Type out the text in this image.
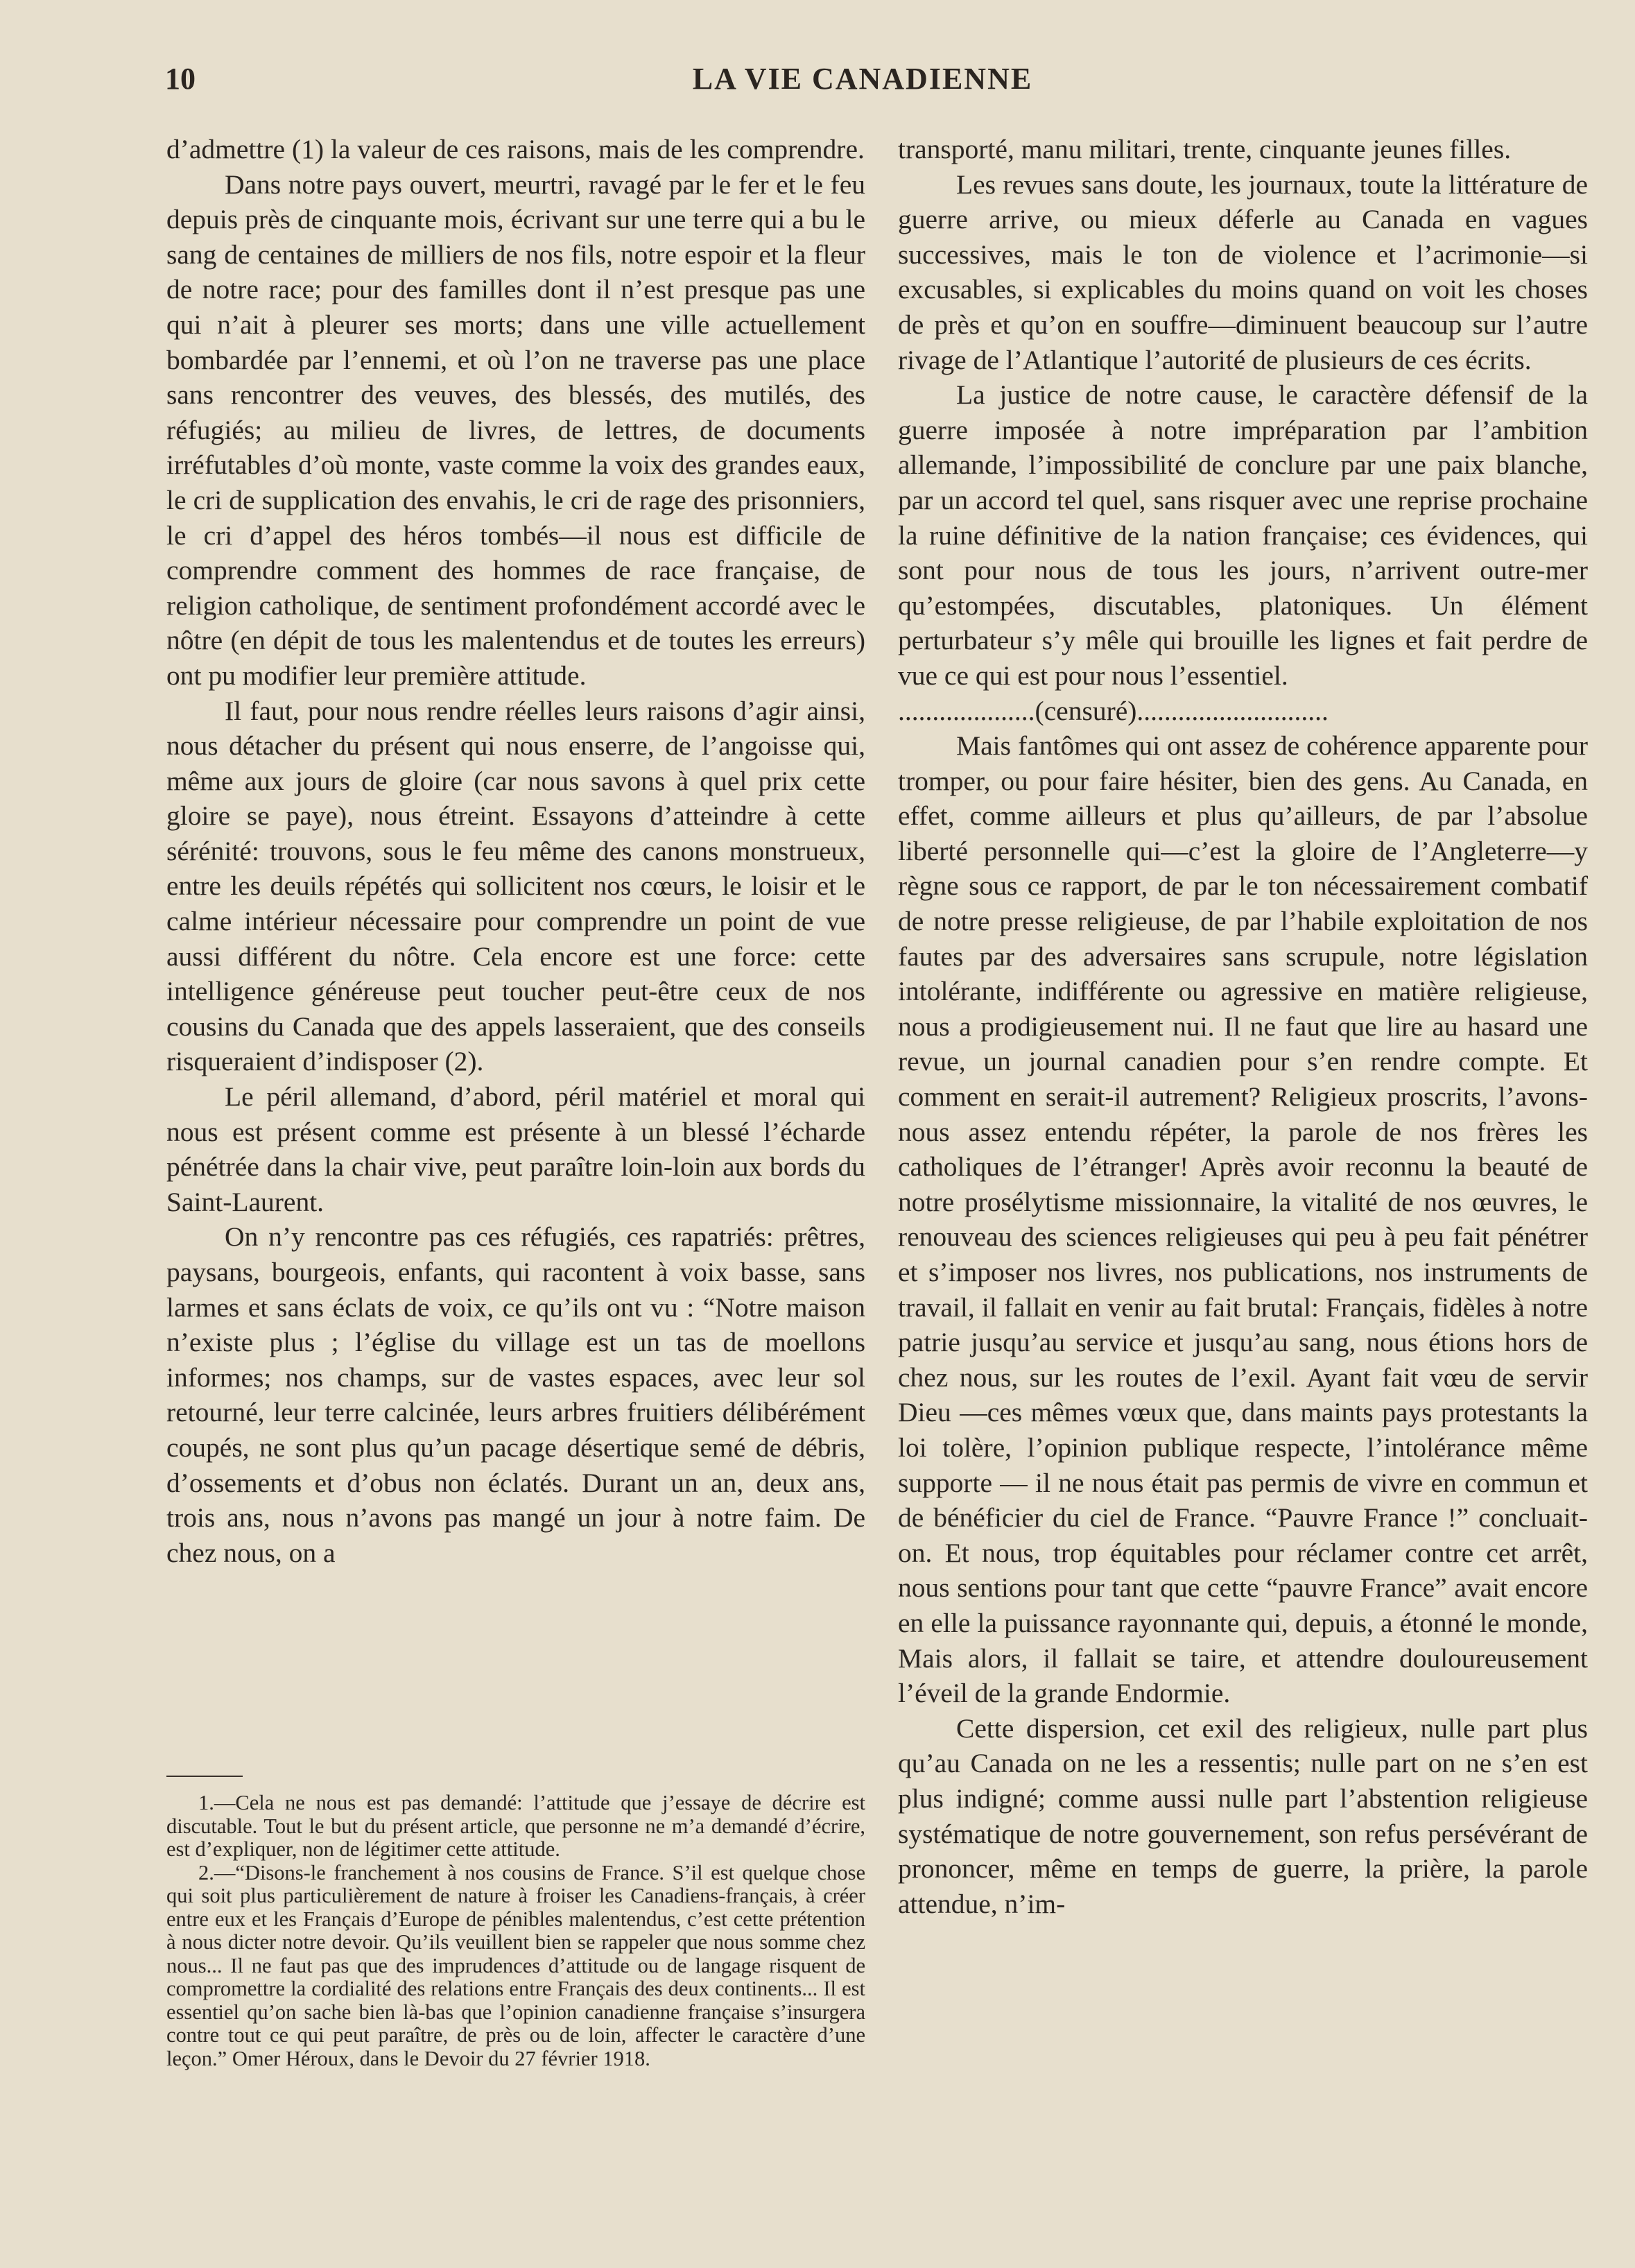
10	LA VIE CANADIENNE

d’admettre (1) la valeur de ces raisons, mais de les comprendre.

Dans notre pays ouvert, meurtri, ravagé par le fer et le feu depuis près de cinquante mois, écrivant sur une terre qui a bu le sang de centaines de milliers de nos fils, notre espoir et la fleur de notre race; pour des familles dont il n’est presque pas une qui n’ait à pleurer ses morts; dans une ville actuellement bombardée par l’ennemi, et où l’on ne traverse pas une place sans rencontrer des veuves, des blessés, des mutilés, des réfugiés; au milieu de livres, de lettres, de documents irréfutables d’où monte, vaste comme la voix des grandes eaux, le cri de supplication des envahis, le cri de rage des prisonniers, le cri d’appel des héros tombés—il nous est difficile de comprendre comment des hommes de race française, de religion catholique, de sentiment profondément accordé avec le nôtre (en dépit de tous les malentendus et de toutes les erreurs) ont pu modifier leur première attitude.

Il faut, pour nous rendre réelles leurs raisons d’agir ainsi, nous détacher du présent qui nous enserre, de l’angoisse qui, même aux jours de gloire (car nous savons à quel prix cette gloire se paye), nous étreint. Essayons d’atteindre à cette sérénité: trouvons, sous le feu même des canons monstrueux, entre les deuils répétés qui sollicitent nos cœurs, le loisir et le calme intérieur nécessaire pour comprendre un point de vue aussi différent du nôtre. Cela encore est une force: cette intelligence généreuse peut toucher peut-être ceux de nos cousins du Canada que des appels lasseraient, que des conseils risqueraient d’indisposer (2).

Le péril allemand, d’abord, péril matériel et moral qui nous est présent comme est présente à un blessé l’écharde pénétrée dans la chair vive, peut paraître loin-loin aux bords du Saint-Laurent.

On n’y rencontre pas ces réfugiés, ces rapatriés: prêtres, paysans, bourgeois, enfants, qui racontent à voix basse, sans larmes et sans éclats de voix, ce qu’ils ont vu : “Notre maison n’existe plus ; l’église du village est un tas de moellons informes; nos champs, sur de vastes espaces, avec leur sol retourné, leur terre calcinée, leurs arbres fruitiers délibérément coupés, ne sont plus qu’un pacage désertique semé de débris, d’ossements et d’obus non éclatés. Durant un an, deux ans, trois ans, nous n’avons pas mangé un jour à notre faim. De chez nous, on a

1.—Cela ne nous est pas demandé: l’attitude que j’essaye de décrire est discutable. Tout le but du présent article, que personne ne m’a demandé d’écrire, est d’expliquer, non de légitimer cette attitude.

2.—“Disons-le franchement à nos cousins de France. S’il est quelque chose qui soit plus particulièrement de nature à froiser les Canadiens-français, à créer entre eux et les Français d’Europe de pénibles malentendus, c’est cette prétention à nous dicter notre devoir. Qu’ils veuillent bien se rappeler que nous somme chez nous... Il ne faut pas que des imprudences d’attitude ou de langage risquent de compromettre la cordialité des relations entre Français des deux continents... Il est essentiel qu’on sache bien là-bas que l’opinion canadienne française s’insurgera contre tout ce qui peut paraître, de près ou de loin, affecter le caractère d’une leçon.” Omer Héroux, dans le Devoir du 27 février 1918.

transporté, manu militari, trente, cinquante jeunes filles.

Les revues sans doute, les journaux, toute la littérature de guerre arrive, ou mieux déferle au Canada en vagues successives, mais le ton de violence et l’acrimonie—si excusables, si explicables du moins quand on voit les choses de près et qu’on en souffre—diminuent beaucoup sur l’autre rivage de l’Atlantique l’autorité de plusieurs de ces écrits.

La justice de notre cause, le caractère défensif de la guerre imposée à notre impréparation par l’ambition allemande, l’impossibilité de conclure par une paix blanche, par un accord tel quel, sans risquer avec une reprise prochaine la ruine définitive de la nation française; ces évidences, qui sont pour nous de tous les jours, n’arrivent outre-mer qu’estompées, discutables, platoniques. Un élément perturbateur s’y mêle qui brouille les lignes et fait perdre de vue ce qui est pour nous l’essentiel.

....................(censuré)............................

Mais fantômes qui ont assez de cohérence apparente pour tromper, ou pour faire hésiter, bien des gens. Au Canada, en effet, comme ailleurs et plus qu’ailleurs, de par l’absolue liberté personnelle qui—c’est la gloire de l’Angleterre—y règne sous ce rapport, de par le ton nécessairement combatif de notre presse religieuse, de par l’habile exploitation de nos fautes par des adversaires sans scrupule, notre législation intolérante, indifférente ou agressive en matière religieuse, nous a prodigieusement nui. Il ne faut que lire au hasard une revue, un journal canadien pour s’en rendre compte. Et comment en serait-il autrement? Religieux proscrits, l’avons-nous assez entendu répéter, la parole de nos frères les catholiques de l’étranger! Après avoir reconnu la beauté de notre prosélytisme missionnaire, la vitalité de nos œuvres, le renouveau des sciences religieuses qui peu à peu fait pénétrer et s’imposer nos livres, nos publications, nos instruments de travail, il fallait en venir au fait brutal: Français, fidèles à notre patrie jusqu’au service et jusqu’au sang, nous étions hors de chez nous, sur les routes de l’exil. Ayant fait vœu de servir Dieu —ces mêmes vœux que, dans maints pays protestants la loi tolère, l’opinion publique respecte, l’intolérance même supporte — il ne nous était pas permis de vivre en commun et de bénéficier du ciel de France. “Pauvre France !” concluait-on. Et nous, trop équitables pour réclamer contre cet arrêt, nous sentions pour tant que cette “pauvre France” avait encore en elle la puissance rayonnante qui, depuis, a étonné le monde, Mais alors, il fallait se taire, et attendre douloureusement l’éveil de la grande Endormie.

Cette dispersion, cet exil des religieux, nulle part plus qu’au Canada on ne les a ressentis; nulle part on ne s’en est plus indigné; comme aussi nulle part l’abstention religieuse systématique de notre gouvernement, son refus persévérant de prononcer, même en temps de guerre, la prière, la parole attendue, n’im-
